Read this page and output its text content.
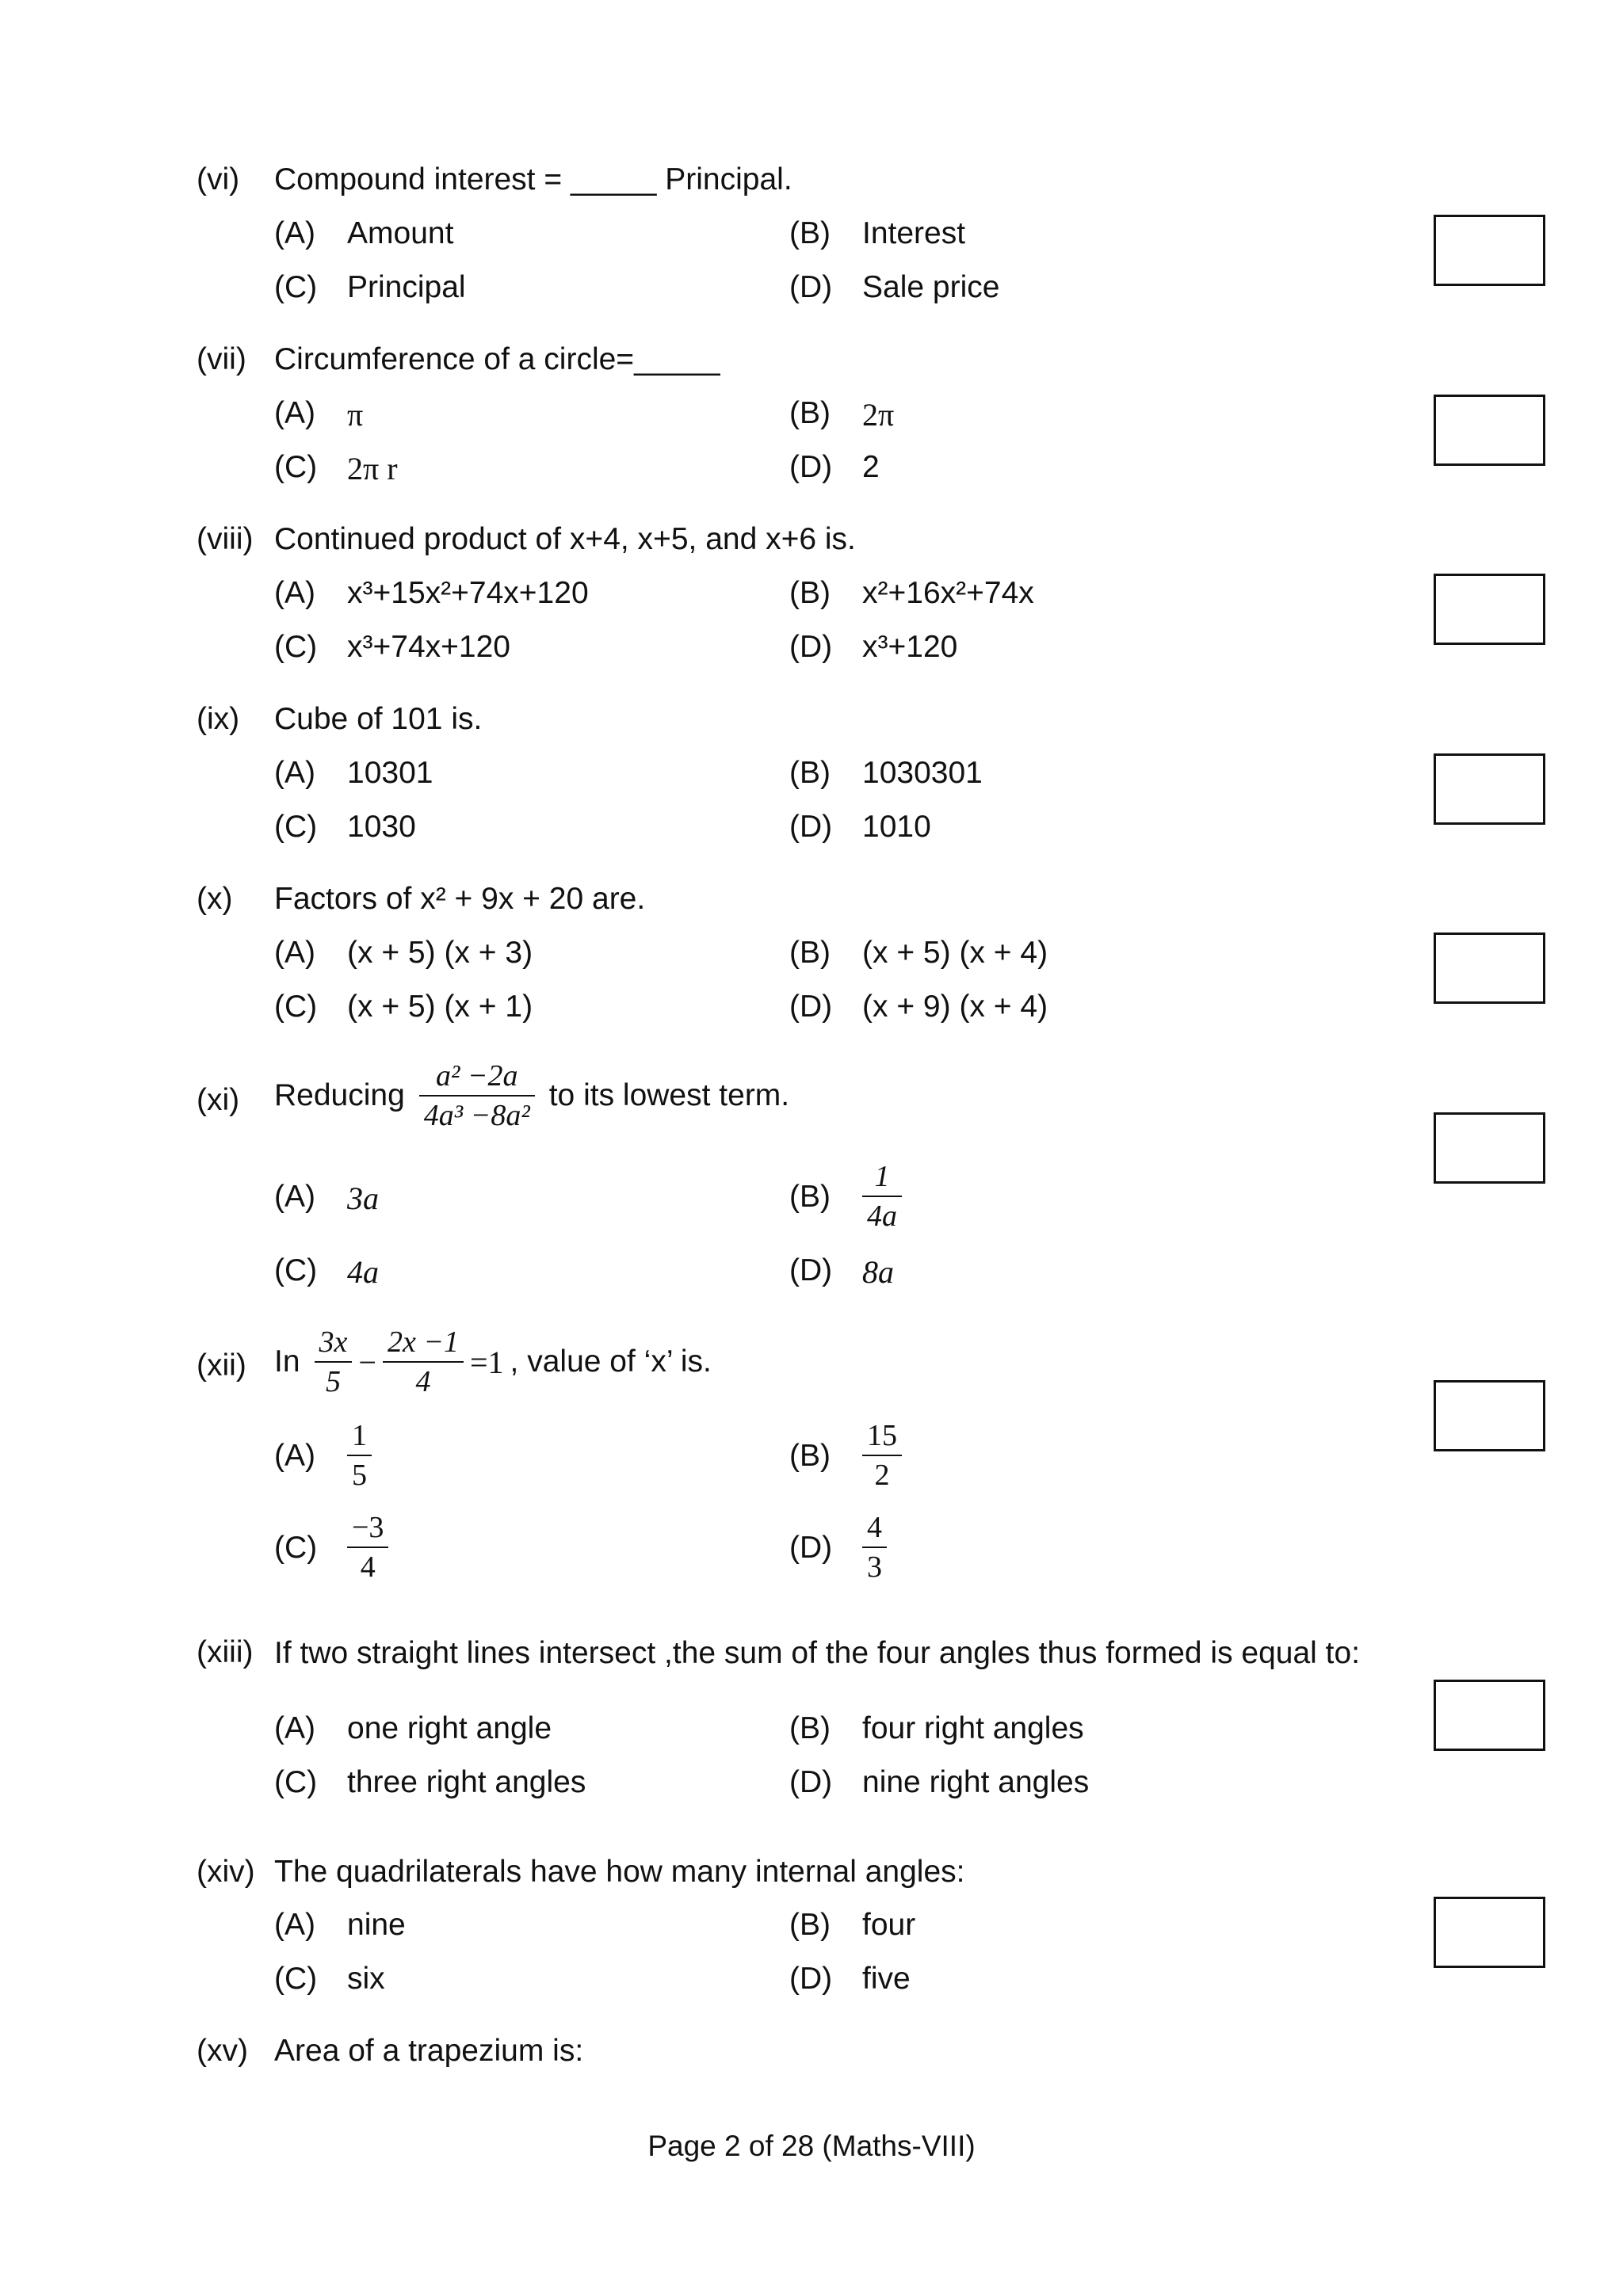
(vi) Compound interest = _____ Principal.
(A) Amount	(B) Interest
(C) Principal	(D) Sale price
(vii) Circumference of a circle=_____
(A) π	(B) 2π
(C) 2π r	(D) 2
(viii) Continued product of x+4, x+5, and x+6 is.
(A) x³+15x²+74x+120	(B) x²+16x²+74x
(C) x³+74x+120	(D) x³+120
(ix) Cube of 101 is.
(A) 10301	(B) 1030301
(C) 1030	(D) 1010
(x) Factors of x² + 9x + 20 are.
(A) (x + 5) (x + 3)	(B) (x + 5) (x + 4)
(C) (x + 5) (x + 1)	(D) (x + 9) (x + 4)
(xi) Reducing $\frac{\text{a² −2a}}{\text{4a³ −8a²}}$ to its lowest term.
(A) 3a	$(B) \frac{1}{4a}$
(C) 4a	(D) 8a
(xii) In $\frac{3x}{5} - \frac{2x -1}{4} =1$ , value of ‘x’ is.
$(A) \frac{1}{5}$	$(B) \frac{15}{2}$
$(C) \frac{-3}{4}$	$(D) \frac{4}{3}$
(xiii) If two straight lines intersect ,the sum of the four angles thus formed is equal to:
(A) one right angle	(B) four right angles
(C) three right angles	(D) nine right angles
(xiv) The quadrilaterals have how many internal angles:
(A) nine	(B) four
(C) six	(D) five
(xv) Area of a trapezium is:
Page 2 of 28 (Maths-VIII)
